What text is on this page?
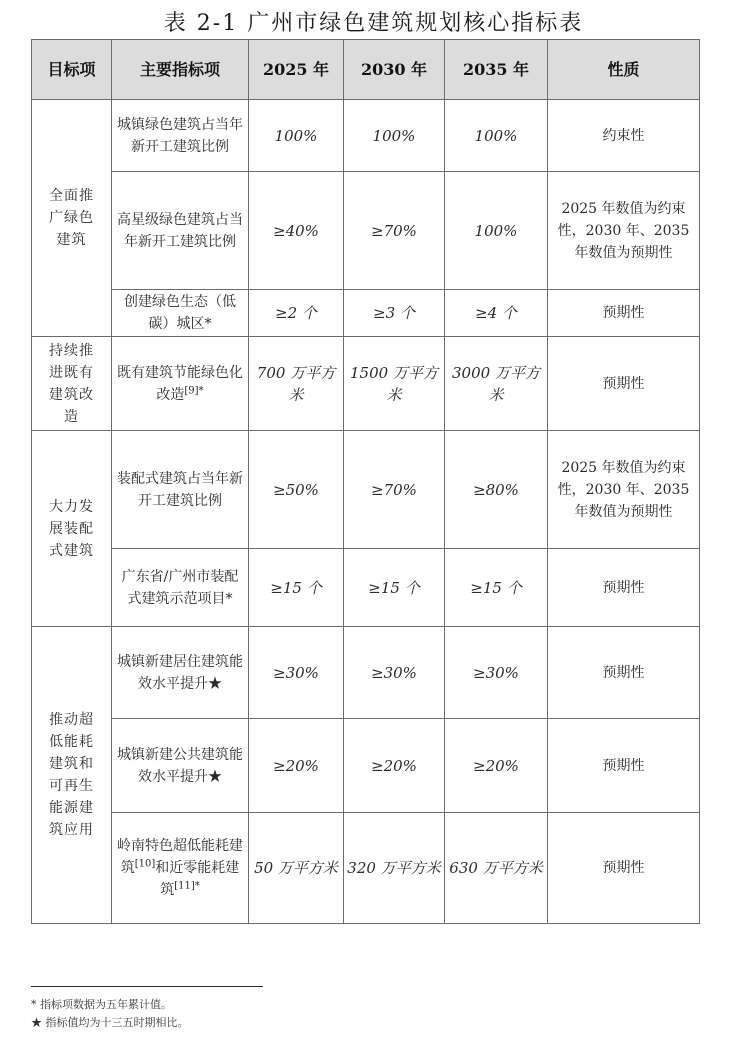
表 2-1 广州市绿色建筑规划核心指标表
目标项	主要指标项	2025 年	2030 年	2035 年	性质
全面推广绿色建筑	城镇绿色建筑占当年新开工建筑比例	100%	100%	100%	约束性
	高星级绿色建筑占当年新开工建筑比例	≥40%	≥70%	100%	2025 年数值为约束性，2030 年、2035 年数值为预期性
	创建绿色生态（低碳）城区*	≥2 个	≥3 个	≥4 个	预期性
持续推进既有建筑改造	既有建筑节能绿色化改造$^{[9]*}$	700 万平方米	1500 万平方米	3000 万平方米	预期性
大力发展装配式建筑	装配式建筑占当年新开工建筑比例	≥50%	≥70%	≥80%	2025 年数值为约束性，2030 年、2035 年数值为预期性
	广东省/广州市装配式建筑示范项目*	≥15 个	≥15 个	≥15 个	预期性
推动超低能耗建筑和可再生能源建筑应用	城镇新建居住建筑能效水平提升★	≥30%	≥30%	≥30%	预期性
	城镇新建公共建筑能效水平提升★	≥20%	≥20%	≥20%	预期性
	岭南特色超低能耗建筑[10]和近零能耗建筑$^{[11]*}$	50 万平方米	320 万平方米	630 万平方米	预期性
* 指标项数据为五年累计值。
★ 指标值均为十三五时期相比。
